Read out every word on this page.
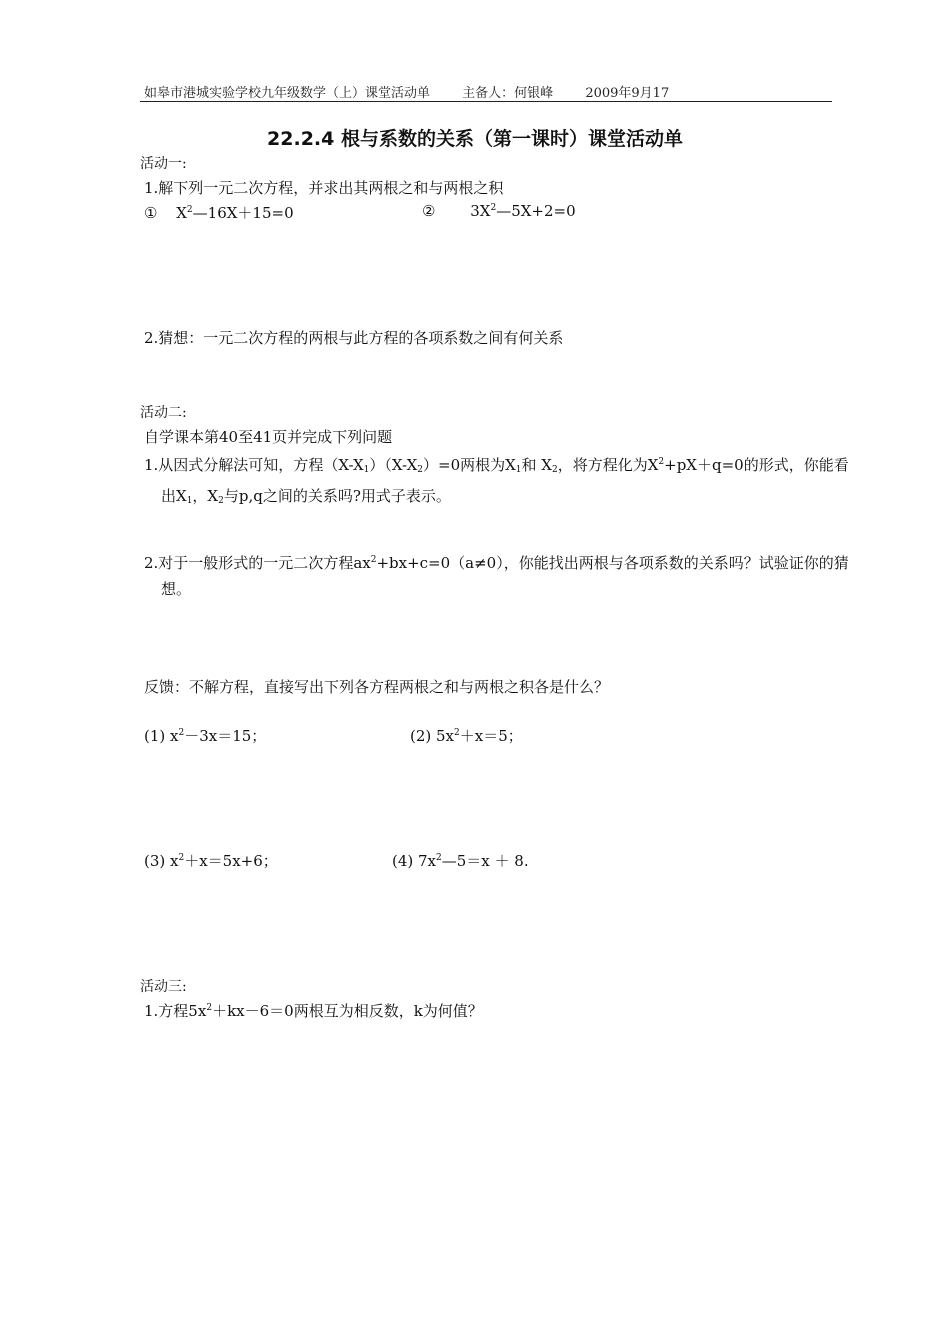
如皋市港城实验学校九年级数学（上）课堂活动单 主备人：何银峰 2009年9月17
22.2.4 根与系数的关系（第一课时）课堂活动单
活动一:
1.解下列一元二次方程，并求出其两根之和与两根之积
① $X^2—16X+15=0$	② $3X^2—5X+2=0$
2.猜想：一元二次方程的两根与此方程的各项系数之间有何关系
活动二:
自学课本第40至41页并完成下列问题
1.从因式分解法可知，方程$(X-X_1)(X-X_2)=0$两根为$X_1$和 $X_2$，将方程化为$X^2+pX+q=0$的形式，你能看出$X_1$，$X_2$与p,q之间的关系吗?用式子表示。
2.对于一般形式的一元二次方程$ax^2+bx+c=0(a\ne 0)$，你能找出两根与各项系数的关系吗？试验证你的猜想。
反馈：不解方程，直接写出下列各方程两根之和与两根之积各是什么？
(1) $x^2-3x=15$；	(2) $5x^2+x=5$；
(3) $x^2+x=5x+6$；	(4) $7x^2—5=x + 8$.
活动三:
1.方程$5x^2+kx-6=0$两根互为相反数，k为何值？
